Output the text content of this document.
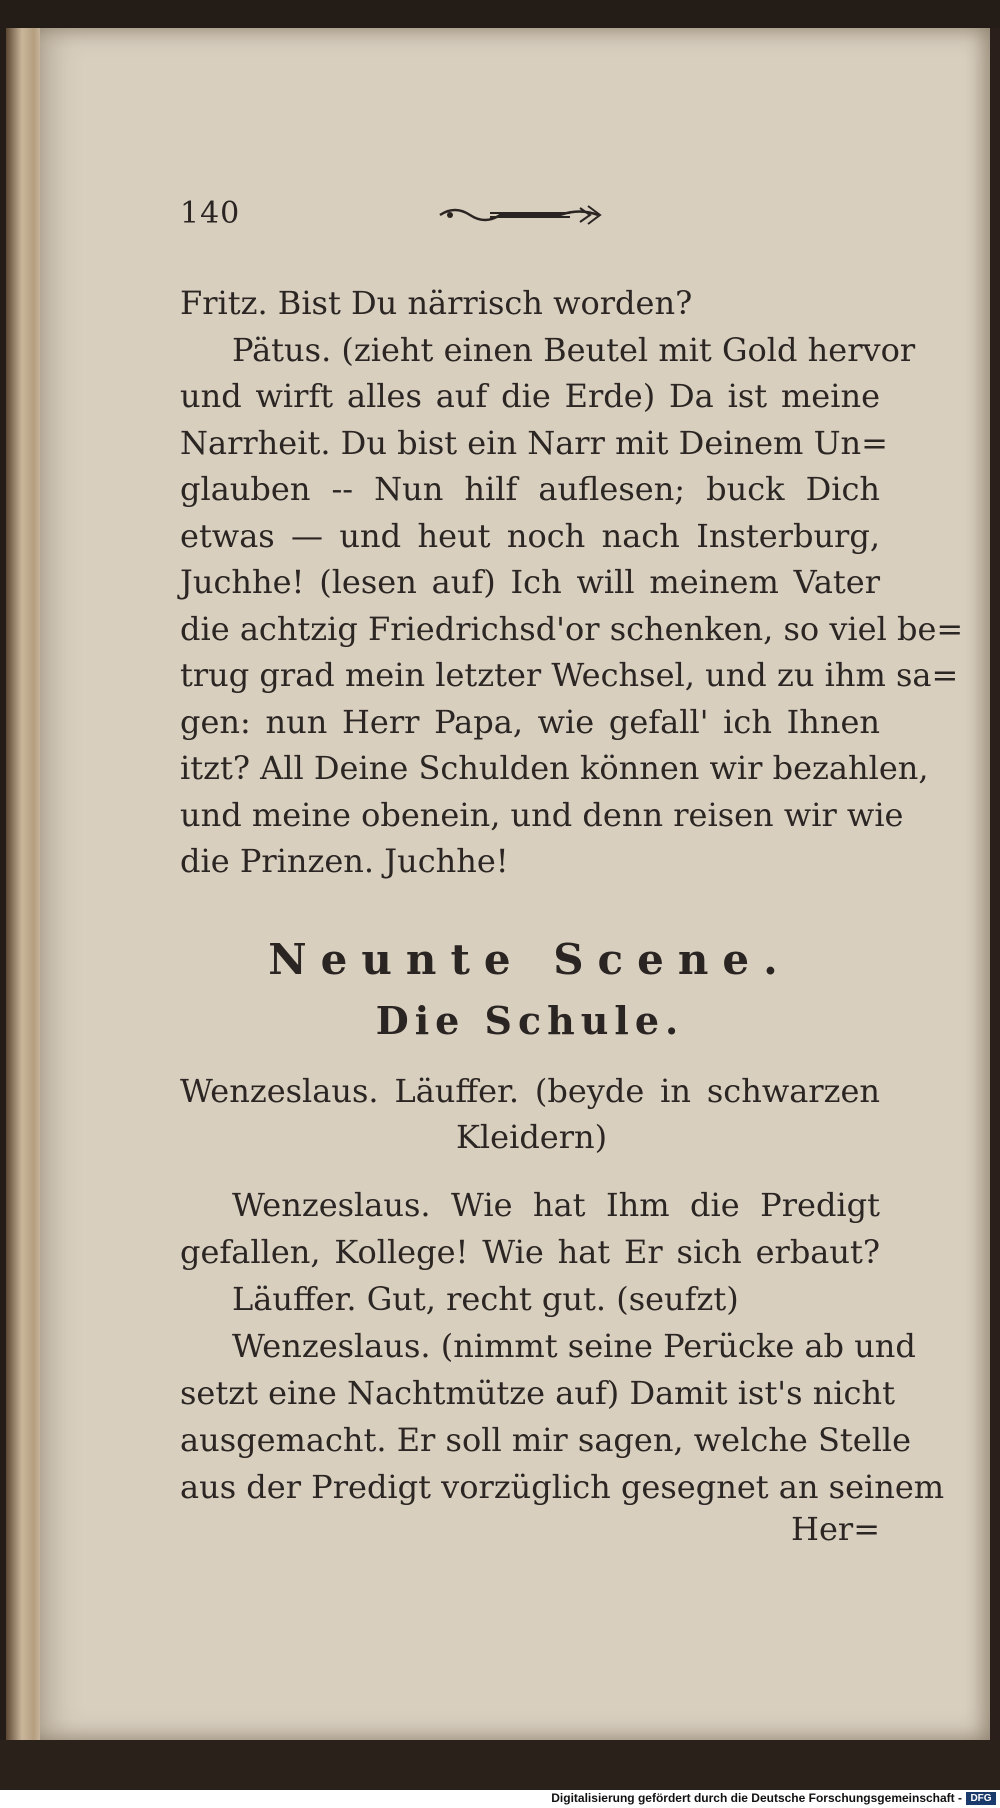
140
Fritz. Bist Du närrisch worden?
Pätus. (zieht einen Beutel mit Gold hervor
und wirft alles auf die Erde) Da ist meine
Narrheit. Du bist ein Narr mit Deinem Un=
glauben -- Nun hilf auflesen; buck Dich
etwas — und heut noch nach Insterburg,
Juchhe! (lesen auf) Ich will meinem Vater
die achtzig Friedrichsd'or schenken, so viel be=
trug grad mein letzter Wechsel, und zu ihm sa=
gen: nun Herr Papa, wie gefall' ich Ihnen
itzt? All Deine Schulden können wir bezahlen,
und meine obenein, und denn reisen wir wie
die Prinzen. Juchhe!
Neunte Scene.
Die Schule.
Wenzeslaus. Läuffer. (beyde in schwarzen
Kleidern)
Wenzeslaus. Wie hat Ihm die Predigt
gefallen, Kollege! Wie hat Er sich erbaut?
Läuffer. Gut, recht gut. (seufzt)
Wenzeslaus. (nimmt seine Perücke ab und
setzt eine Nachtmütze auf) Damit ist's nicht
ausgemacht. Er soll mir sagen, welche Stelle
aus der Predigt vorzüglich gesegnet an seinem
Her=
Digitalisierung gefördert durch die Deutsche Forschungsgemeinschaft - DFG
